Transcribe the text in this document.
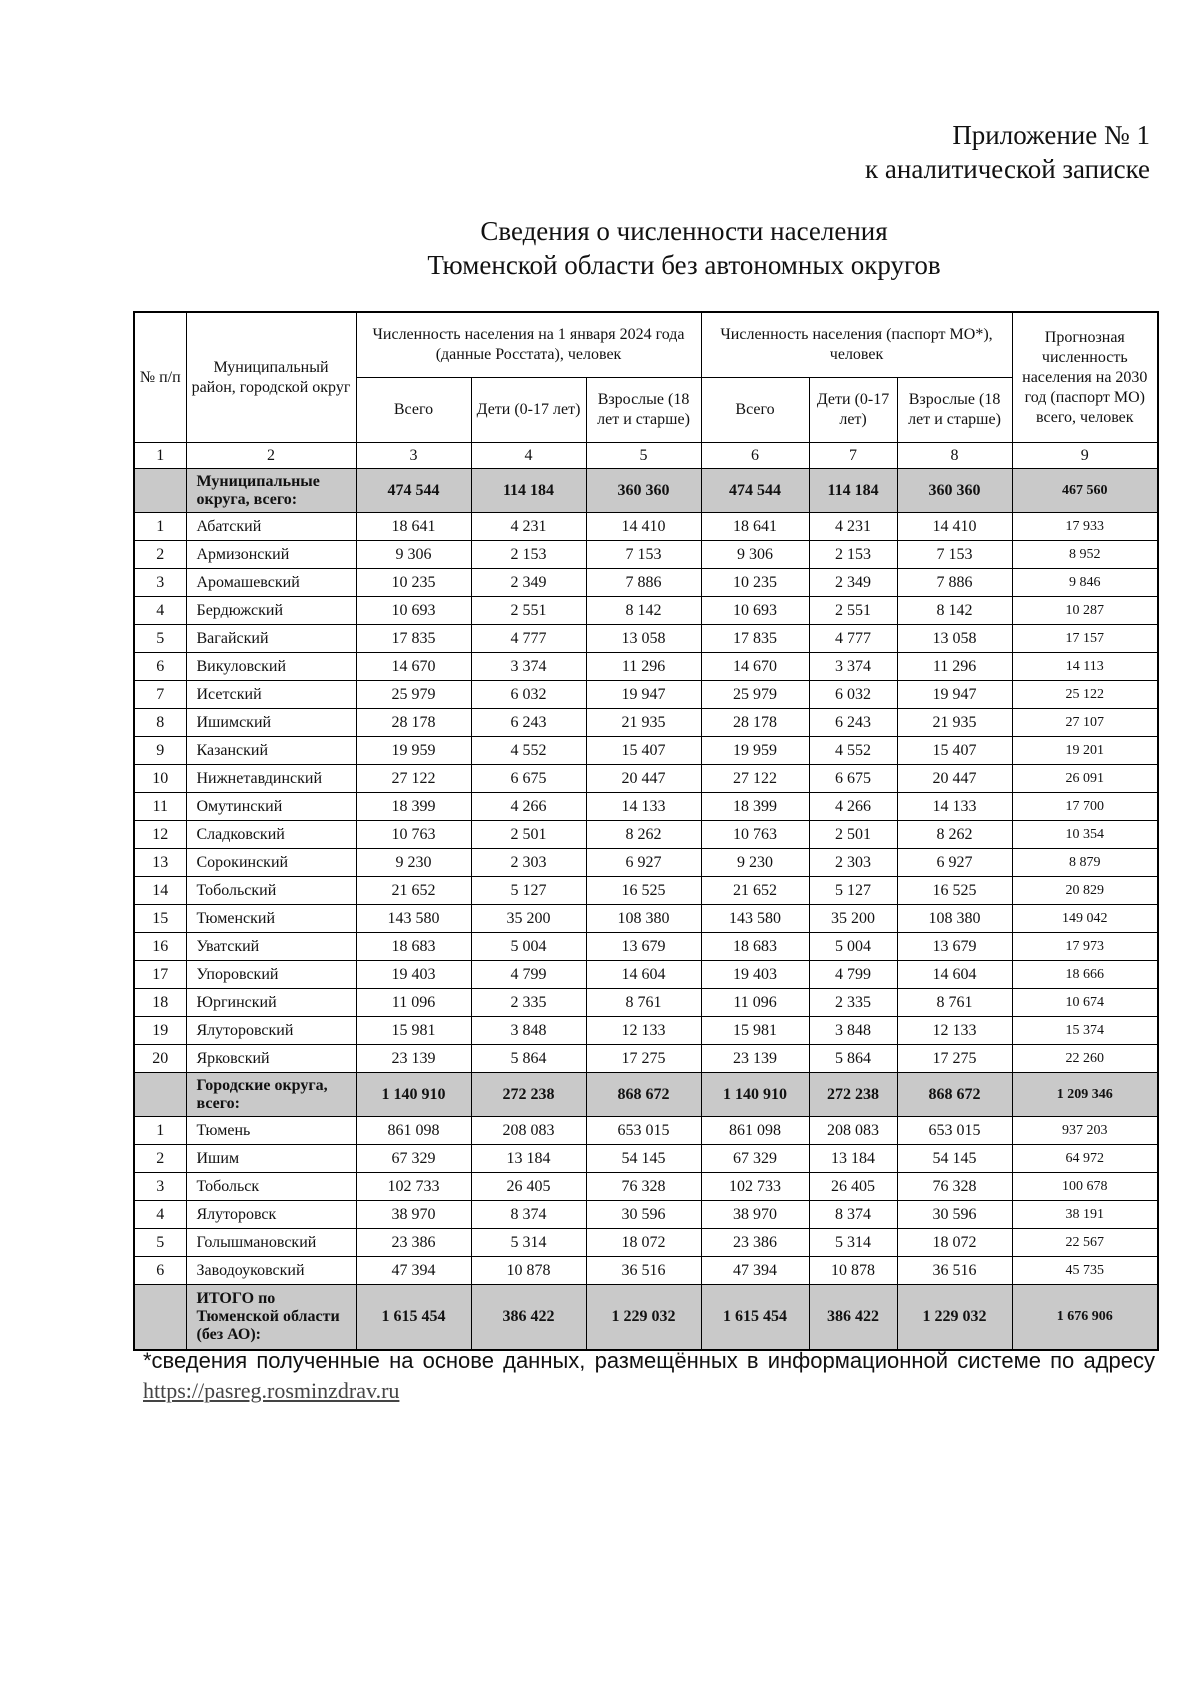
Приложение № 1
к аналитической записке
Сведения о численности населения
Тюменской области без автономных округов
№ п/п	Муниципальный район, городской округ	Численность населения на 1 января 2024 года (данные Росстата), человек			Численность населения (паспорт МО*), человек			Прогнозная численность населения на 2030 год (паспорт МО) всего, человек
		Всего	Дети (0-17 лет)	Взрослые (18 лет и старше)	Всего	Дети (0-17 лет)	Взрослые (18 лет и старше)	
1	2	3	4	5	6	7	8	9
	Муниципальные округа, всего:	474 544	114 184	360 360	474 544	114 184	360 360	467 560
1	Абатский	18 641	4 231	14 410	18 641	4 231	14 410	17 933
2	Армизонский	9 306	2 153	7 153	9 306	2 153	7 153	8 952
3	Аромашевский	10 235	2 349	7 886	10 235	2 349	7 886	9 846
4	Бердюжский	10 693	2 551	8 142	10 693	2 551	8 142	10 287
5	Вагайский	17 835	4 777	13 058	17 835	4 777	13 058	17 157
6	Викуловский	14 670	3 374	11 296	14 670	3 374	11 296	14 113
7	Исетский	25 979	6 032	19 947	25 979	6 032	19 947	25 122
8	Ишимский	28 178	6 243	21 935	28 178	6 243	21 935	27 107
9	Казанский	19 959	4 552	15 407	19 959	4 552	15 407	19 201
10	Нижнетавдинский	27 122	6 675	20 447	27 122	6 675	20 447	26 091
11	Омутинский	18 399	4 266	14 133	18 399	4 266	14 133	17 700
12	Сладковский	10 763	2 501	8 262	10 763	2 501	8 262	10 354
13	Сорокинский	9 230	2 303	6 927	9 230	2 303	6 927	8 879
14	Тобольский	21 652	5 127	16 525	21 652	5 127	16 525	20 829
15	Тюменский	143 580	35 200	108 380	143 580	35 200	108 380	149 042
16	Уватский	18 683	5 004	13 679	18 683	5 004	13 679	17 973
17	Упоровский	19 403	4 799	14 604	19 403	4 799	14 604	18 666
18	Юргинский	11 096	2 335	8 761	11 096	2 335	8 761	10 674
19	Ялуторовский	15 981	3 848	12 133	15 981	3 848	12 133	15 374
20	Ярковский	23 139	5 864	17 275	23 139	5 864	17 275	22 260
	Городские округа, всего:	1 140 910	272 238	868 672	1 140 910	272 238	868 672	1 209 346
1	Тюмень	861 098	208 083	653 015	861 098	208 083	653 015	937 203
2	Ишим	67 329	13 184	54 145	67 329	13 184	54 145	64 972
3	Тобольск	102 733	26 405	76 328	102 733	26 405	76 328	100 678
4	Ялуторовск	38 970	8 374	30 596	38 970	8 374	30 596	38 191
5	Голышмановский	23 386	5 314	18 072	23 386	5 314	18 072	22 567
6	Заводоуковский	47 394	10 878	36 516	47 394	10 878	36 516	45 735
	ИТОГО по Тюменской области (без АО):	1 615 454	386 422	1 229 032	1 615 454	386 422	1 229 032	1 676 906
*сведения полученные на основе данных, размещённых в информационной системе по адресу
https://pasreg.rosminzdrav.ru
